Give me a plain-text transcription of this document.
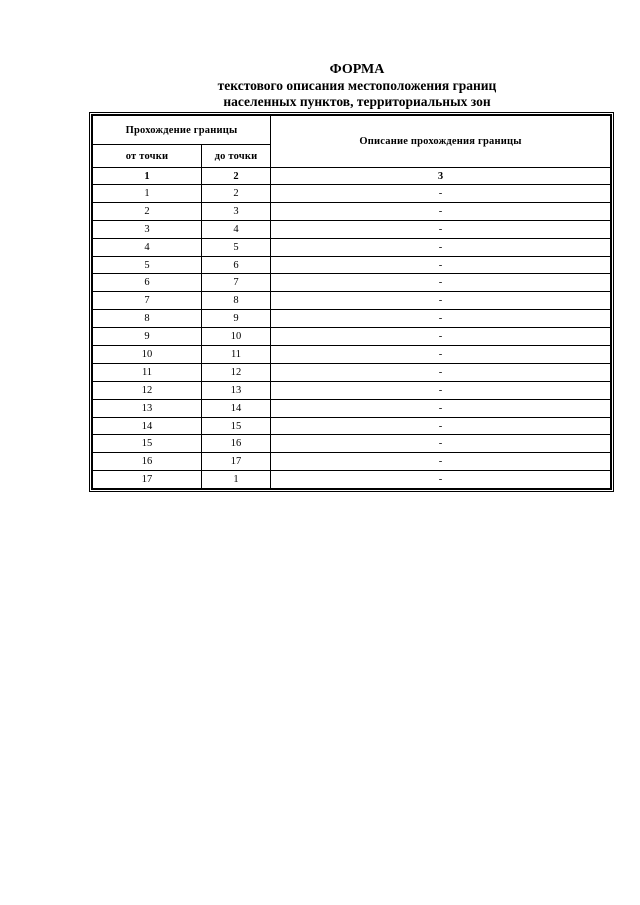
ФОРМА
текстового описания местоположения границ
населенных пунктов, территориальных зон
Прохождение границы		Описание прохождения границы
от точки	до точки	
1	2	3
1	2	-
2	3	-
3	4	-
4	5	-
5	6	-
6	7	-
7	8	-
8	9	-
9	10	-
10	11	-
11	12	-
12	13	-
13	14	-
14	15	-
15	16	-
16	17	-
17	1	-
